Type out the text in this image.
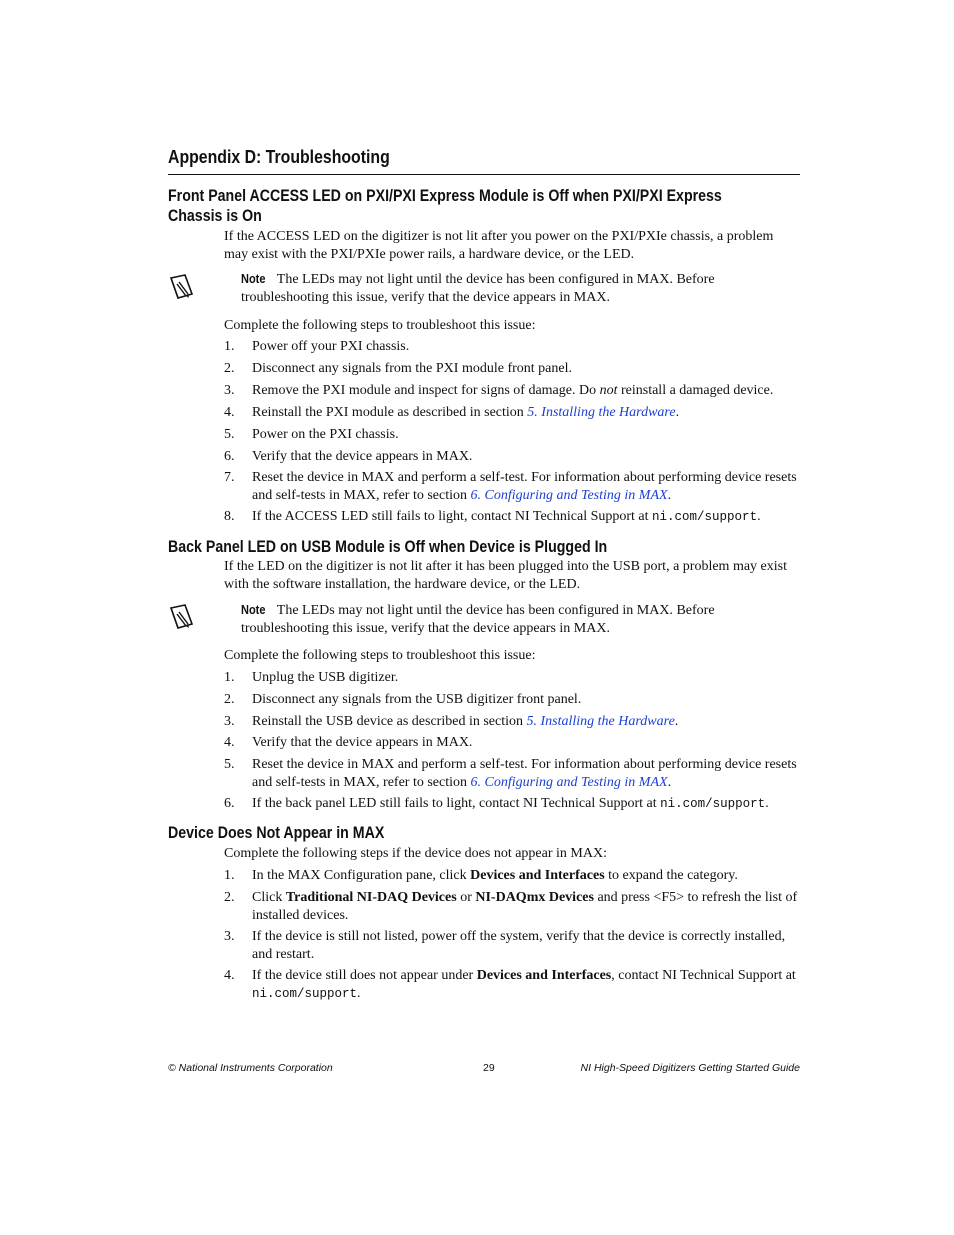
Appendix D: Troubleshooting
Front Panel ACCESS LED on PXI/PXI Express Module is Off when PXI/PXI Express
Chassis is On
If the ACCESS LED on the digitizer is not lit after you power on the PXI/PXIe chassis, a problem may exist with the PXI/PXIe power rails, a hardware device, or the LED.
Note The LEDs may not light until the device has been configured in MAX. Before troubleshooting this issue, verify that the device appears in MAX.
Complete the following steps to troubleshoot this issue:
1.	Power off your PXI chassis.
2.	Disconnect any signals from the PXI module front panel.
3.	Remove the PXI module and inspect for signs of damage. Do not reinstall a damaged device.
4.	Reinstall the PXI module as described in section 5. Installing the Hardware.
5.	Power on the PXI chassis.
6.	Verify that the device appears in MAX.
7.	Reset the device in MAX and perform a self-test. For information about performing device resets and self-tests in MAX, refer to section 6. Configuring and Testing in MAX.
8.	If the ACCESS LED still fails to light, contact NI Technical Support at ni.com/support.
Back Panel LED on USB Module is Off when Device is Plugged In
If the LED on the digitizer is not lit after it has been plugged into the USB port, a problem may exist with the software installation, the hardware device, or the LED.
Note The LEDs may not light until the device has been configured in MAX. Before troubleshooting this issue, verify that the device appears in MAX.
Complete the following steps to troubleshoot this issue:
1.	Unplug the USB digitizer.
2.	Disconnect any signals from the USB digitizer front panel.
3.	Reinstall the USB device as described in section 5. Installing the Hardware.
4.	Verify that the device appears in MAX.
5.	Reset the device in MAX and perform a self-test. For information about performing device resets and self-tests in MAX, refer to section 6. Configuring and Testing in MAX.
6.	If the back panel LED still fails to light, contact NI Technical Support at ni.com/support.
Device Does Not Appear in MAX
Complete the following steps if the device does not appear in MAX:
1.	In the MAX Configuration pane, click Devices and Interfaces to expand the category.
2.	Click Traditional NI-DAQ Devices or NI-DAQmx Devices and press <F5> to refresh the list of installed devices.
3.	If the device is still not listed, power off the system, verify that the device is correctly installed, and restart.
4.	If the device still does not appear under Devices and Interfaces, contact NI Technical Support at ni.com/support.
© National Instruments Corporation	29	NI High-Speed Digitizers Getting Started Guide
